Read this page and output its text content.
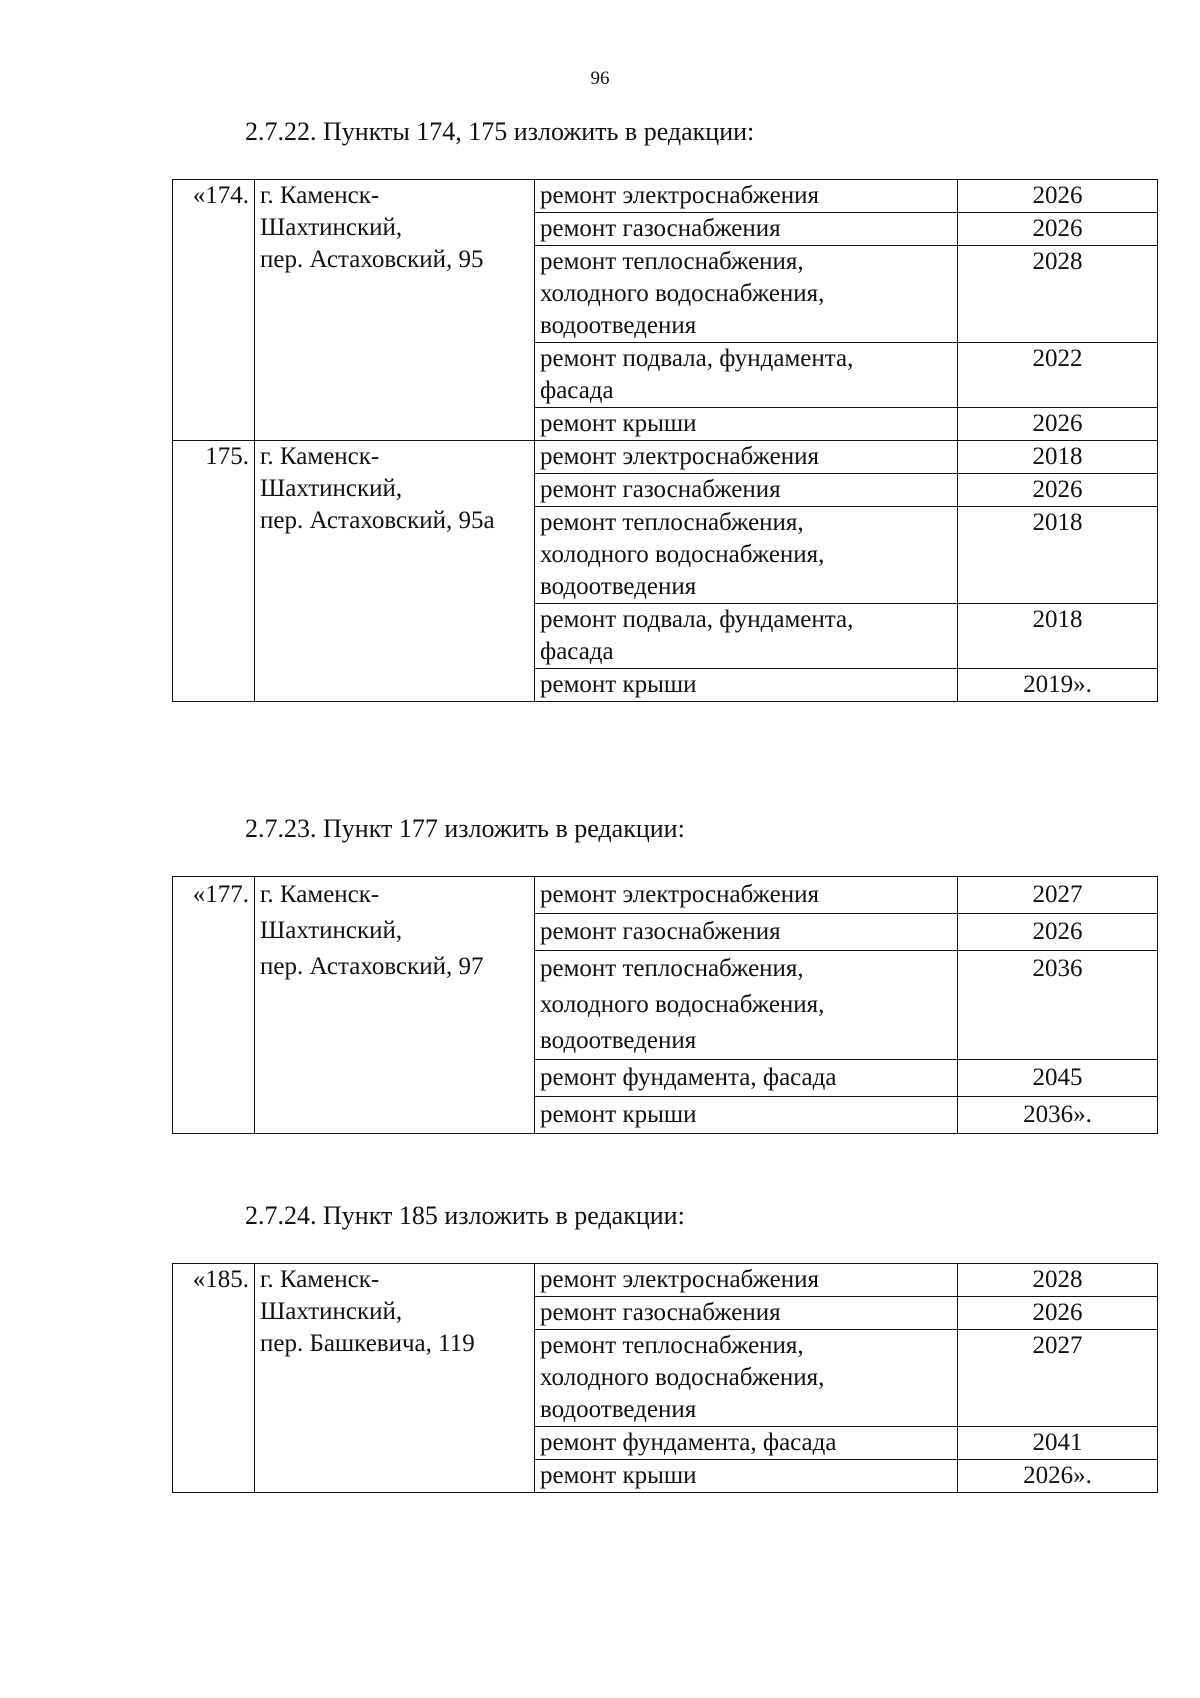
96
2.7.22. Пункты 174, 175 изложить в редакции:
«174.	г. Каменск-
Шахтинский,
пер. Астаховский, 95	ремонт электроснабжения	2026
		ремонт газоснабжения	2026
		ремонт теплоснабжения,
холодного водоснабжения,
водоотведения	2028
		ремонт подвала, фундамента,
фасада	2022
		ремонт крыши	2026
175.	г. Каменск-
Шахтинский,
пер. Астаховский, 95а	ремонт электроснабжения	2018
		ремонт газоснабжения	2026
		ремонт теплоснабжения,
холодного водоснабжения,
водоотведения	2018
		ремонт подвала, фундамента,
фасада	2018
		ремонт крыши	2019».
2.7.23. Пункт 177 изложить в редакции:
«177.	г. Каменск-
Шахтинский,
пер. Астаховский, 97	ремонт электроснабжения	2027
		ремонт газоснабжения	2026
		ремонт теплоснабжения,
холодного водоснабжения,
водоотведения	2036
		ремонт фундамента, фасада	2045
		ремонт крыши	2036».
2.7.24. Пункт 185 изложить в редакции:
«185.	г. Каменск-
Шахтинский,
пер. Башкевича, 119	ремонт электроснабжения	2028
		ремонт газоснабжения	2026
		ремонт теплоснабжения,
холодного водоснабжения,
водоотведения	2027
		ремонт фундамента, фасада	2041
		ремонт крыши	2026».
